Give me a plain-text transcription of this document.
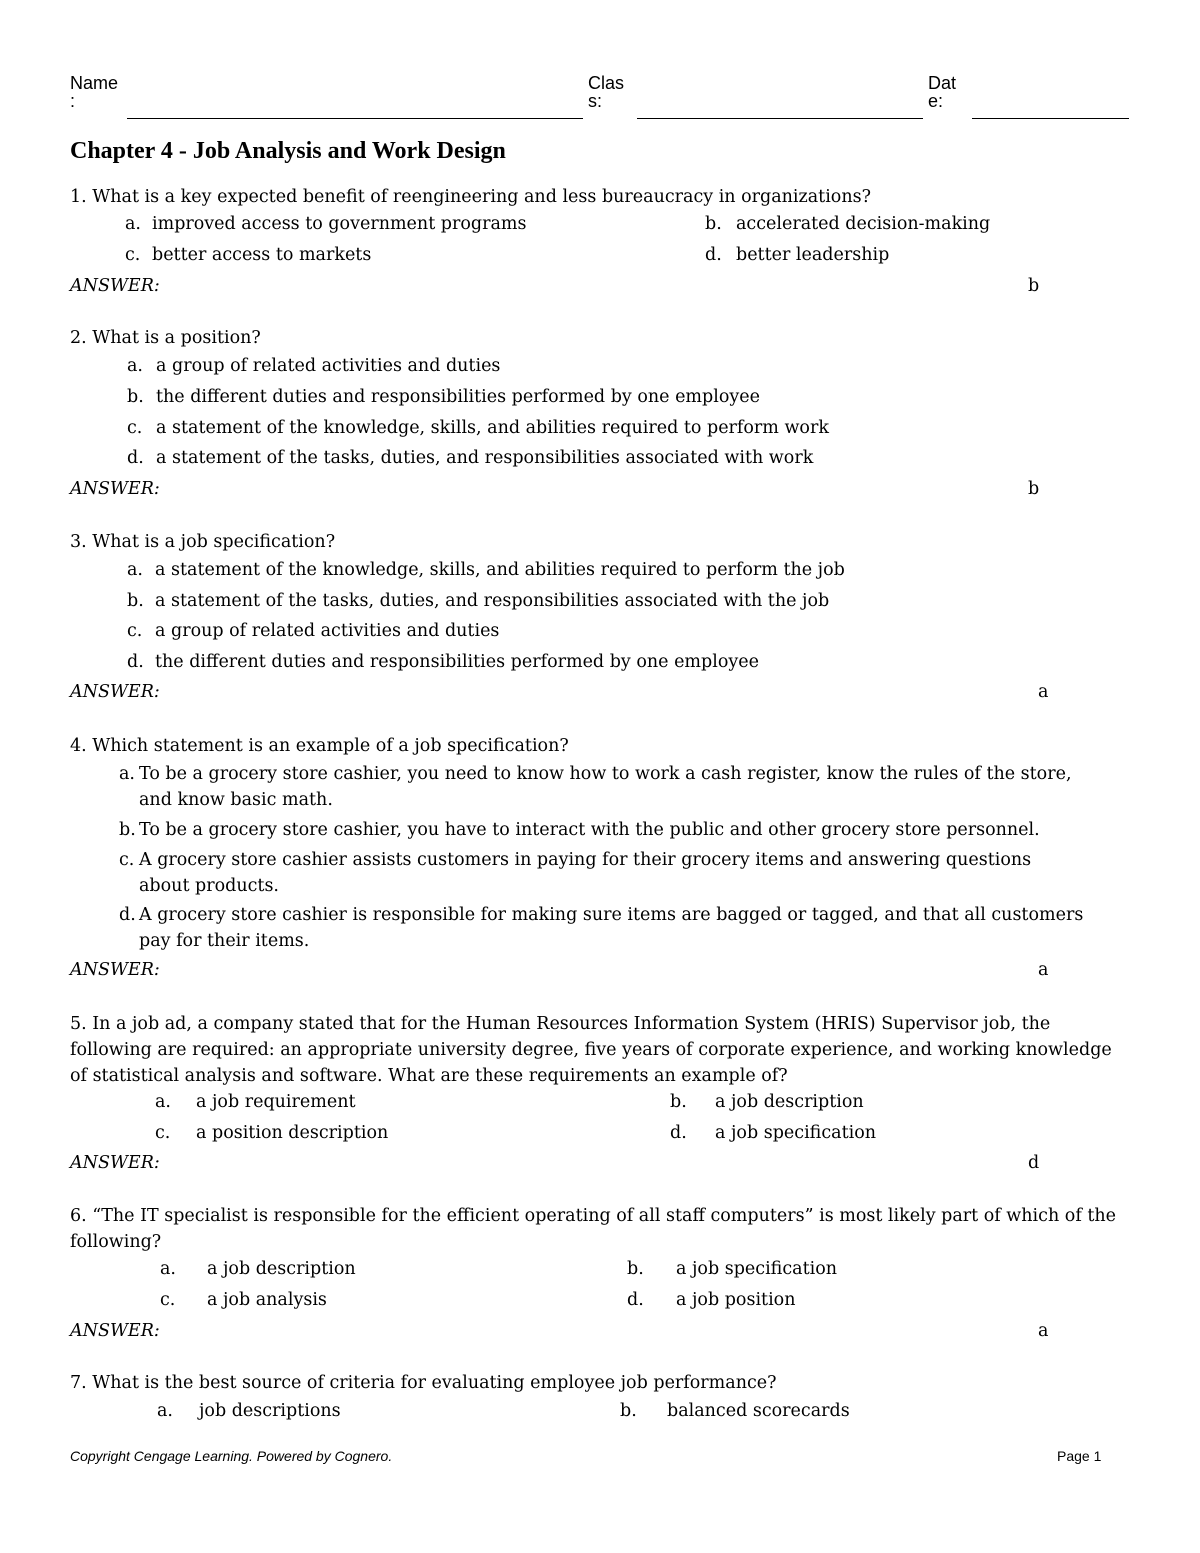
Name
:
Clas
s:
Dat
e:
Chapter 4 - Job Analysis and Work Design
1. What is a key expected benefit of reengineering and less bureaucracy in organizations?
a. improved access to government programs	b. accelerated decision-making
c. better access to markets	d. better leadership
ANSWER:	b
2. What is a position?
a. a group of related activities and duties
b. the different duties and responsibilities performed by one employee
c. a statement of the knowledge, skills, and abilities required to perform work
d. a statement of the tasks, duties, and responsibilities associated with work
ANSWER:	b
3. What is a job specification?
a. a statement of the knowledge, skills, and abilities required to perform the job
b. a statement of the tasks, duties, and responsibilities associated with the job
c. a group of related activities and duties
d. the different duties and responsibilities performed by one employee
ANSWER:	a
4. Which statement is an example of a job specification?
a. To be a grocery store cashier, you need to know how to work a cash register, know the rules of the store, and know basic math.
b. To be a grocery store cashier, you have to interact with the public and other grocery store personnel.
c. A grocery store cashier assists customers in paying for their grocery items and answering questions about products.
d. A grocery store cashier is responsible for making sure items are bagged or tagged, and that all customers pay for their items.
ANSWER:	a
5. In a job ad, a company stated that for the Human Resources Information System (HRIS) Supervisor job, the following are required: an appropriate university degree, five years of corporate experience, and working knowledge of statistical analysis and software. What are these requirements an example of?
a. a job requirement	b. a job description
c. a position description	d. a job specification
ANSWER:	d
6. “The IT specialist is responsible for the efficient operating of all staff computers” is most likely part of which of the following?
a. a job description	b. a job specification
c. a job analysis	d. a job position
ANSWER:	a
7. What is the best source of criteria for evaluating employee job performance?
a. job descriptions	b. balanced scorecards
Copyright Cengage Learning. Powered by Cognero.	Page 1
